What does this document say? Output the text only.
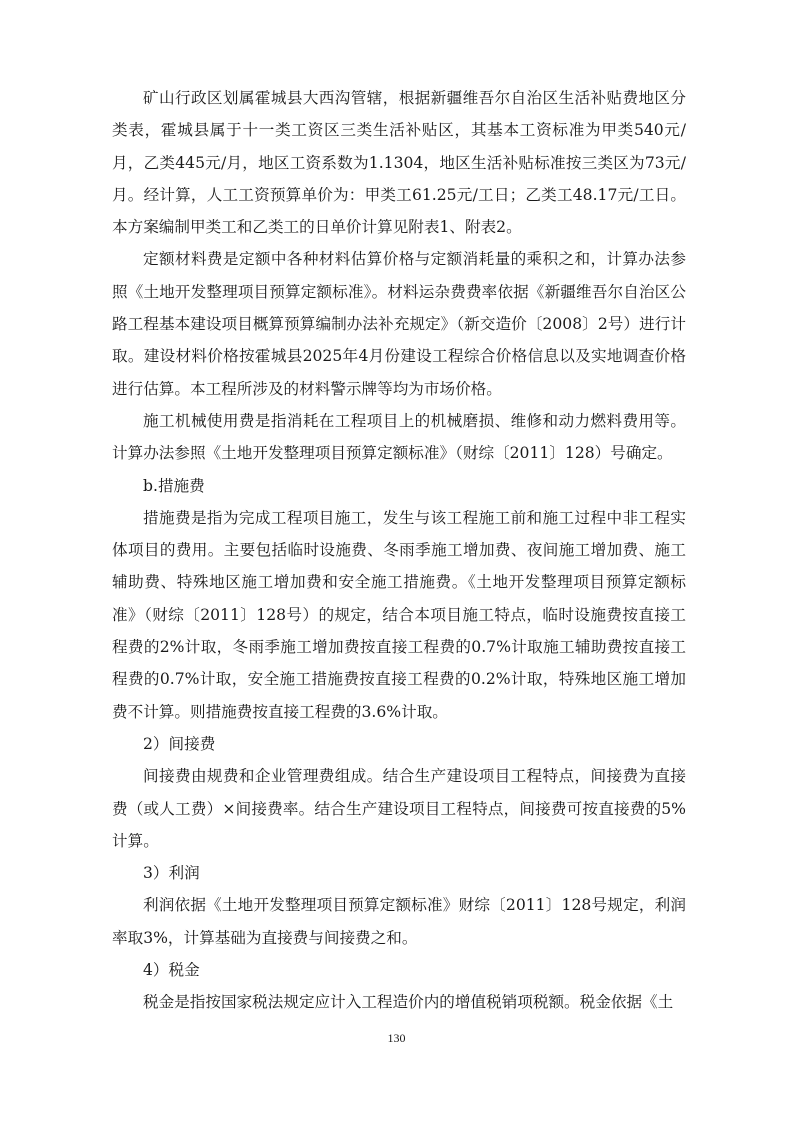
矿山行政区划属霍城县大西沟管辖，根据新疆维吾尔自治区生活补贴费地区分类表，霍城县属于十一类工资区三类生活补贴区，其基本工资标准为甲类540元/月，乙类445元/月，地区工资系数为1.1304，地区生活补贴标准按三类区为73元/月。经计算，人工工资预算单价为：甲类工61.25元/工日；乙类工48.17元/工日。本方案编制甲类工和乙类工的日单价计算见附表1、附表2。

定额材料费是定额中各种材料估算价格与定额消耗量的乘积之和，计算办法参照《土地开发整理项目预算定额标准》。材料运杂费费率依据《新疆维吾尔自治区公路工程基本建设项目概算预算编制办法补充规定》（新交造价〔2008〕2号）进行计取。建设材料价格按霍城县2025年4月份建设工程综合价格信息以及实地调查价格进行估算。本工程所涉及的材料警示牌等均为市场价格。

施工机械使用费是指消耗在工程项目上的机械磨损、维修和动力燃料费用等。计算办法参照《土地开发整理项目预算定额标准》（财综〔2011〕128）号确定。

b.措施费

措施费是指为完成工程项目施工，发生与该工程施工前和施工过程中非工程实体项目的费用。主要包括临时设施费、冬雨季施工增加费、夜间施工增加费、施工辅助费、特殊地区施工增加费和安全施工措施费。《土地开发整理项目预算定额标准》（财综〔2011〕128号）的规定，结合本项目施工特点，临时设施费按直接工程费的2%计取，冬雨季施工增加费按直接工程费的0.7%计取施工辅助费按直接工程费的0.7%计取，安全施工措施费按直接工程费的0.2%计取，特殊地区施工增加费不计算。则措施费按直接工程费的3.6%计取。

2）间接费

间接费由规费和企业管理费组成。结合生产建设项目工程特点，间接费为直接费（或人工费）×间接费率。结合生产建设项目工程特点，间接费可按直接费的5%计算。

3）利润

利润依据《土地开发整理项目预算定额标准》财综〔2011〕128号规定，利润率取3%，计算基础为直接费与间接费之和。

4）税金

税金是指按国家税法规定应计入工程造价内的增值税销项税额。税金依据《土

130
